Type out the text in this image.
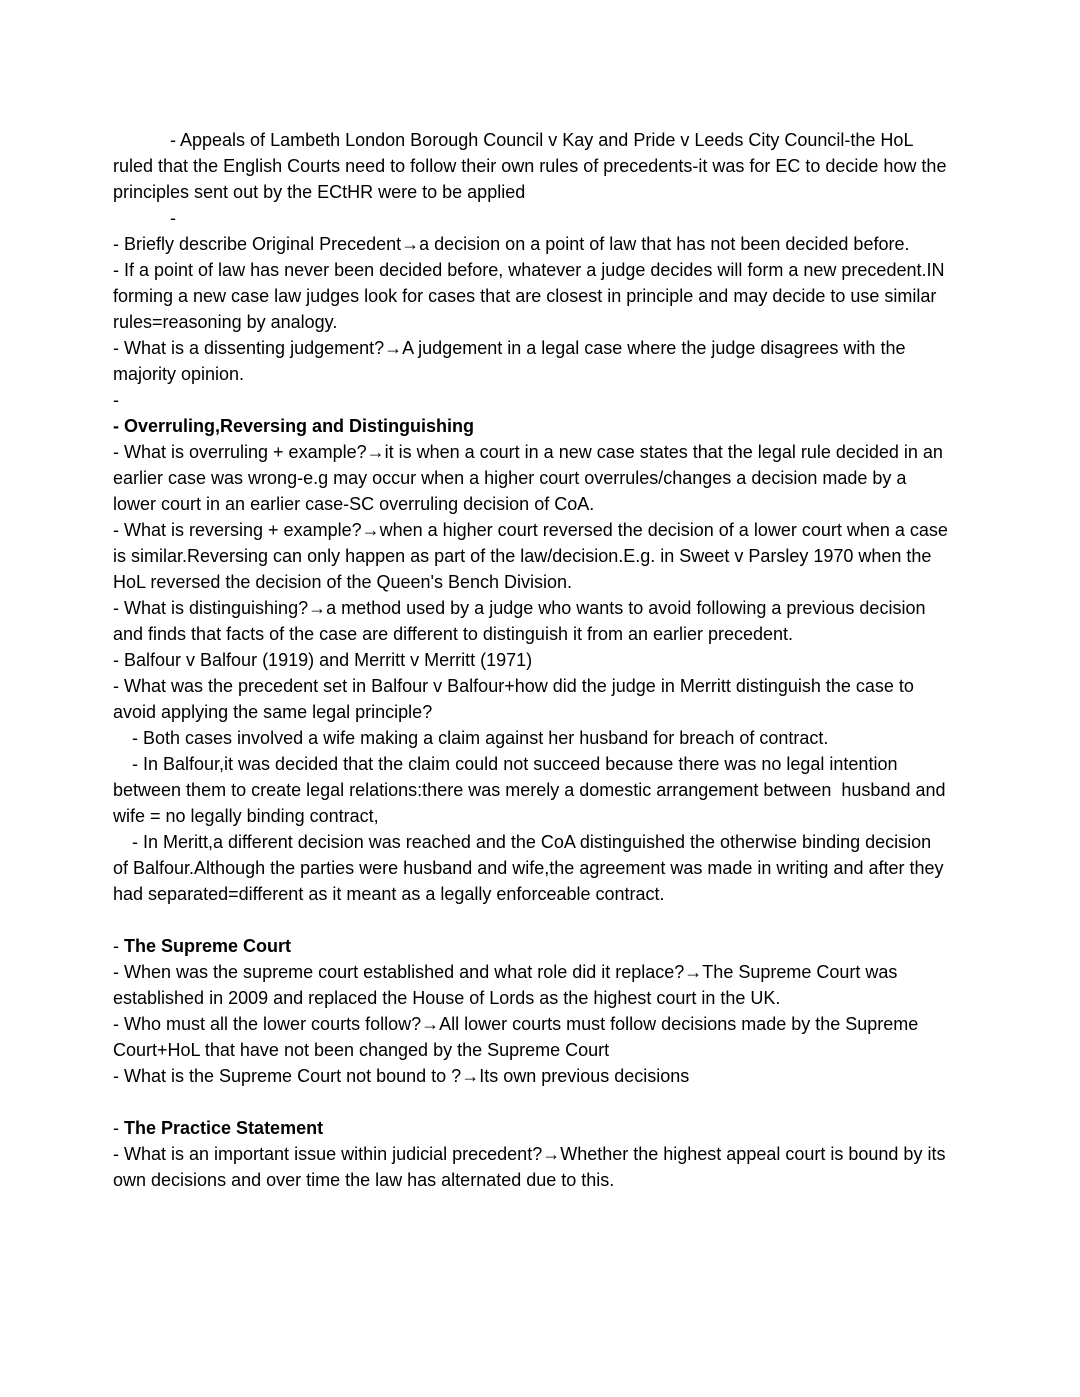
- Appeals of Lambeth London Borough Council v Kay and Pride v Leeds City Council-the HoL ruled that the English Courts need to follow their own rules of precedents-it was for EC to decide how the principles sent out by the ECtHR were to be applied

-

- Briefly describe Original Precedent→a decision on a point of law that has not been decided before.

- If a point of law has never been decided before, whatever a judge decides will form a new precedent.IN forming a new case law judges look for cases that are closest in principle and may decide to use similar rules=reasoning by analogy.

- What is a dissenting judgement?→A judgement in a legal case where the judge disagrees with the majority opinion.

-

- Overruling,Reversing and Distinguishing

- What is overruling + example?→it is when a court in a new case states that the legal rule decided in an earlier case was wrong-e.g may occur when a higher court overrules/changes a decision made by a lower court in an earlier case-SC overruling decision of CoA.

- What is reversing + example?→when a higher court reversed the decision of a lower court when a case is similar.Reversing can only happen as part of the law/decision.E.g. in Sweet v Parsley 1970 when the HoL reversed the decision of the Queen's Bench Division.

- What is distinguishing?→a method used by a judge who wants to avoid following a previous decision and finds that facts of the case are different to distinguish it from an earlier precedent.

- Balfour v Balfour (1919) and Merritt v Merritt (1971)

- What was the precedent set in Balfour v Balfour+how did the judge in Merritt distinguish the case to avoid applying the same legal principle?

- Both cases involved a wife making a claim against her husband for breach of contract.

- In Balfour,it was decided that the claim could not succeed because there was no legal intention between them to create legal relations:there was merely a domestic arrangement between  husband and wife = no legally binding contract,

- In Meritt,a different decision was reached and the CoA distinguished the otherwise binding decision of Balfour.Although the parties were husband and wife,the agreement was made in writing and after they had separated=different as it meant as a legally enforceable contract.

- The Supreme Court

- When was the supreme court established and what role did it replace?→The Supreme Court was established in 2009 and replaced the House of Lords as the highest court in the UK.

- Who must all the lower courts follow?→All lower courts must follow decisions made by the Supreme Court+HoL that have not been changed by the Supreme Court

- What is the Supreme Court not bound to ?→Its own previous decisions

- The Practice Statement

- What is an important issue within judicial precedent?→Whether the highest appeal court is bound by its own decisions and over time the law has alternated due to this.
